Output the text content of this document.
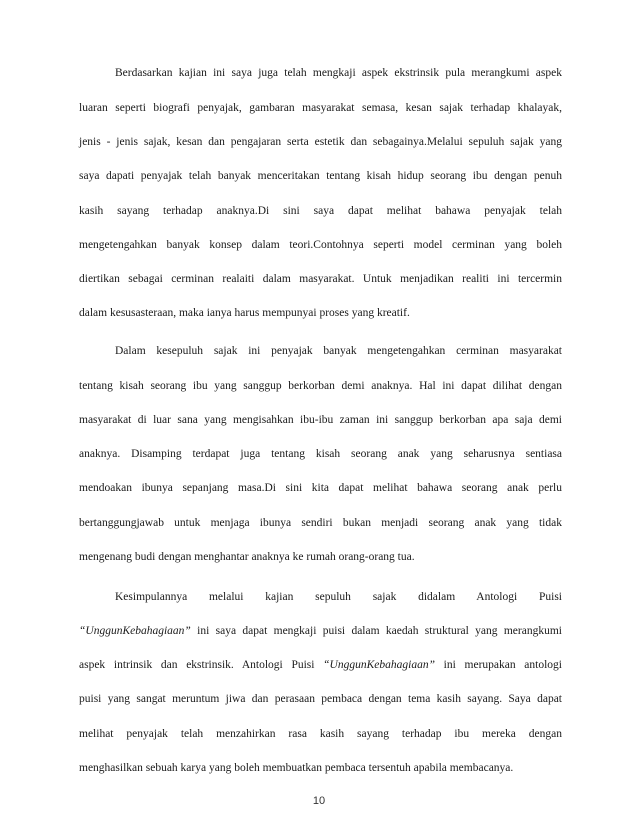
Berdasarkan kajian ini saya juga telah mengkaji aspek ekstrinsik pula merangkumi aspek
luaran seperti biografi penyajak, gambaran masyarakat semasa, kesan sajak terhadap khalayak,
jenis - jenis sajak, kesan dan pengajaran serta estetik dan sebagainya.Melalui sepuluh sajak yang
saya dapati penyajak telah banyak menceritakan tentang kisah hidup seorang ibu dengan penuh
kasih sayang terhadap anaknya.Di sini saya dapat melihat bahawa penyajak telah
mengetengahkan banyak konsep dalam teori.Contohnya seperti model cerminan yang boleh
diertikan sebagai cerminan realaiti dalam masyarakat. Untuk menjadikan realiti ini tercermin
dalam kesusasteraan, maka ianya harus mempunyai proses yang kreatif.
Dalam kesepuluh sajak ini penyajak banyak mengetengahkan cerminan masyarakat
tentang kisah seorang ibu yang sanggup berkorban demi anaknya. Hal ini dapat dilihat dengan
masyarakat di luar sana yang mengisahkan ibu-ibu zaman ini sanggup berkorban apa saja demi
anaknya. Disamping terdapat juga tentang kisah seorang anak yang seharusnya sentiasa
mendoakan ibunya sepanjang masa.Di sini kita dapat melihat bahawa seorang anak perlu
bertanggungjawab untuk menjaga ibunya sendiri bukan menjadi seorang anak yang tidak
mengenang budi dengan menghantar anaknya ke rumah orang-orang tua.
Kesimpulannya melalui kajian sepuluh sajak didalam Antologi Puisi
“UnggunKebahagiaan” ini saya dapat mengkaji puisi dalam kaedah struktural yang merangkumi
aspek intrinsik dan ekstrinsik. Antologi Puisi “UnggunKebahagiaan” ini merupakan antologi
puisi yang sangat meruntum jiwa dan perasaan pembaca dengan tema kasih sayang. Saya dapat
melihat penyajak telah menzahirkan rasa kasih sayang terhadap ibu mereka dengan
menghasilkan sebuah karya yang boleh membuatkan pembaca tersentuh apabila membacanya.
10
